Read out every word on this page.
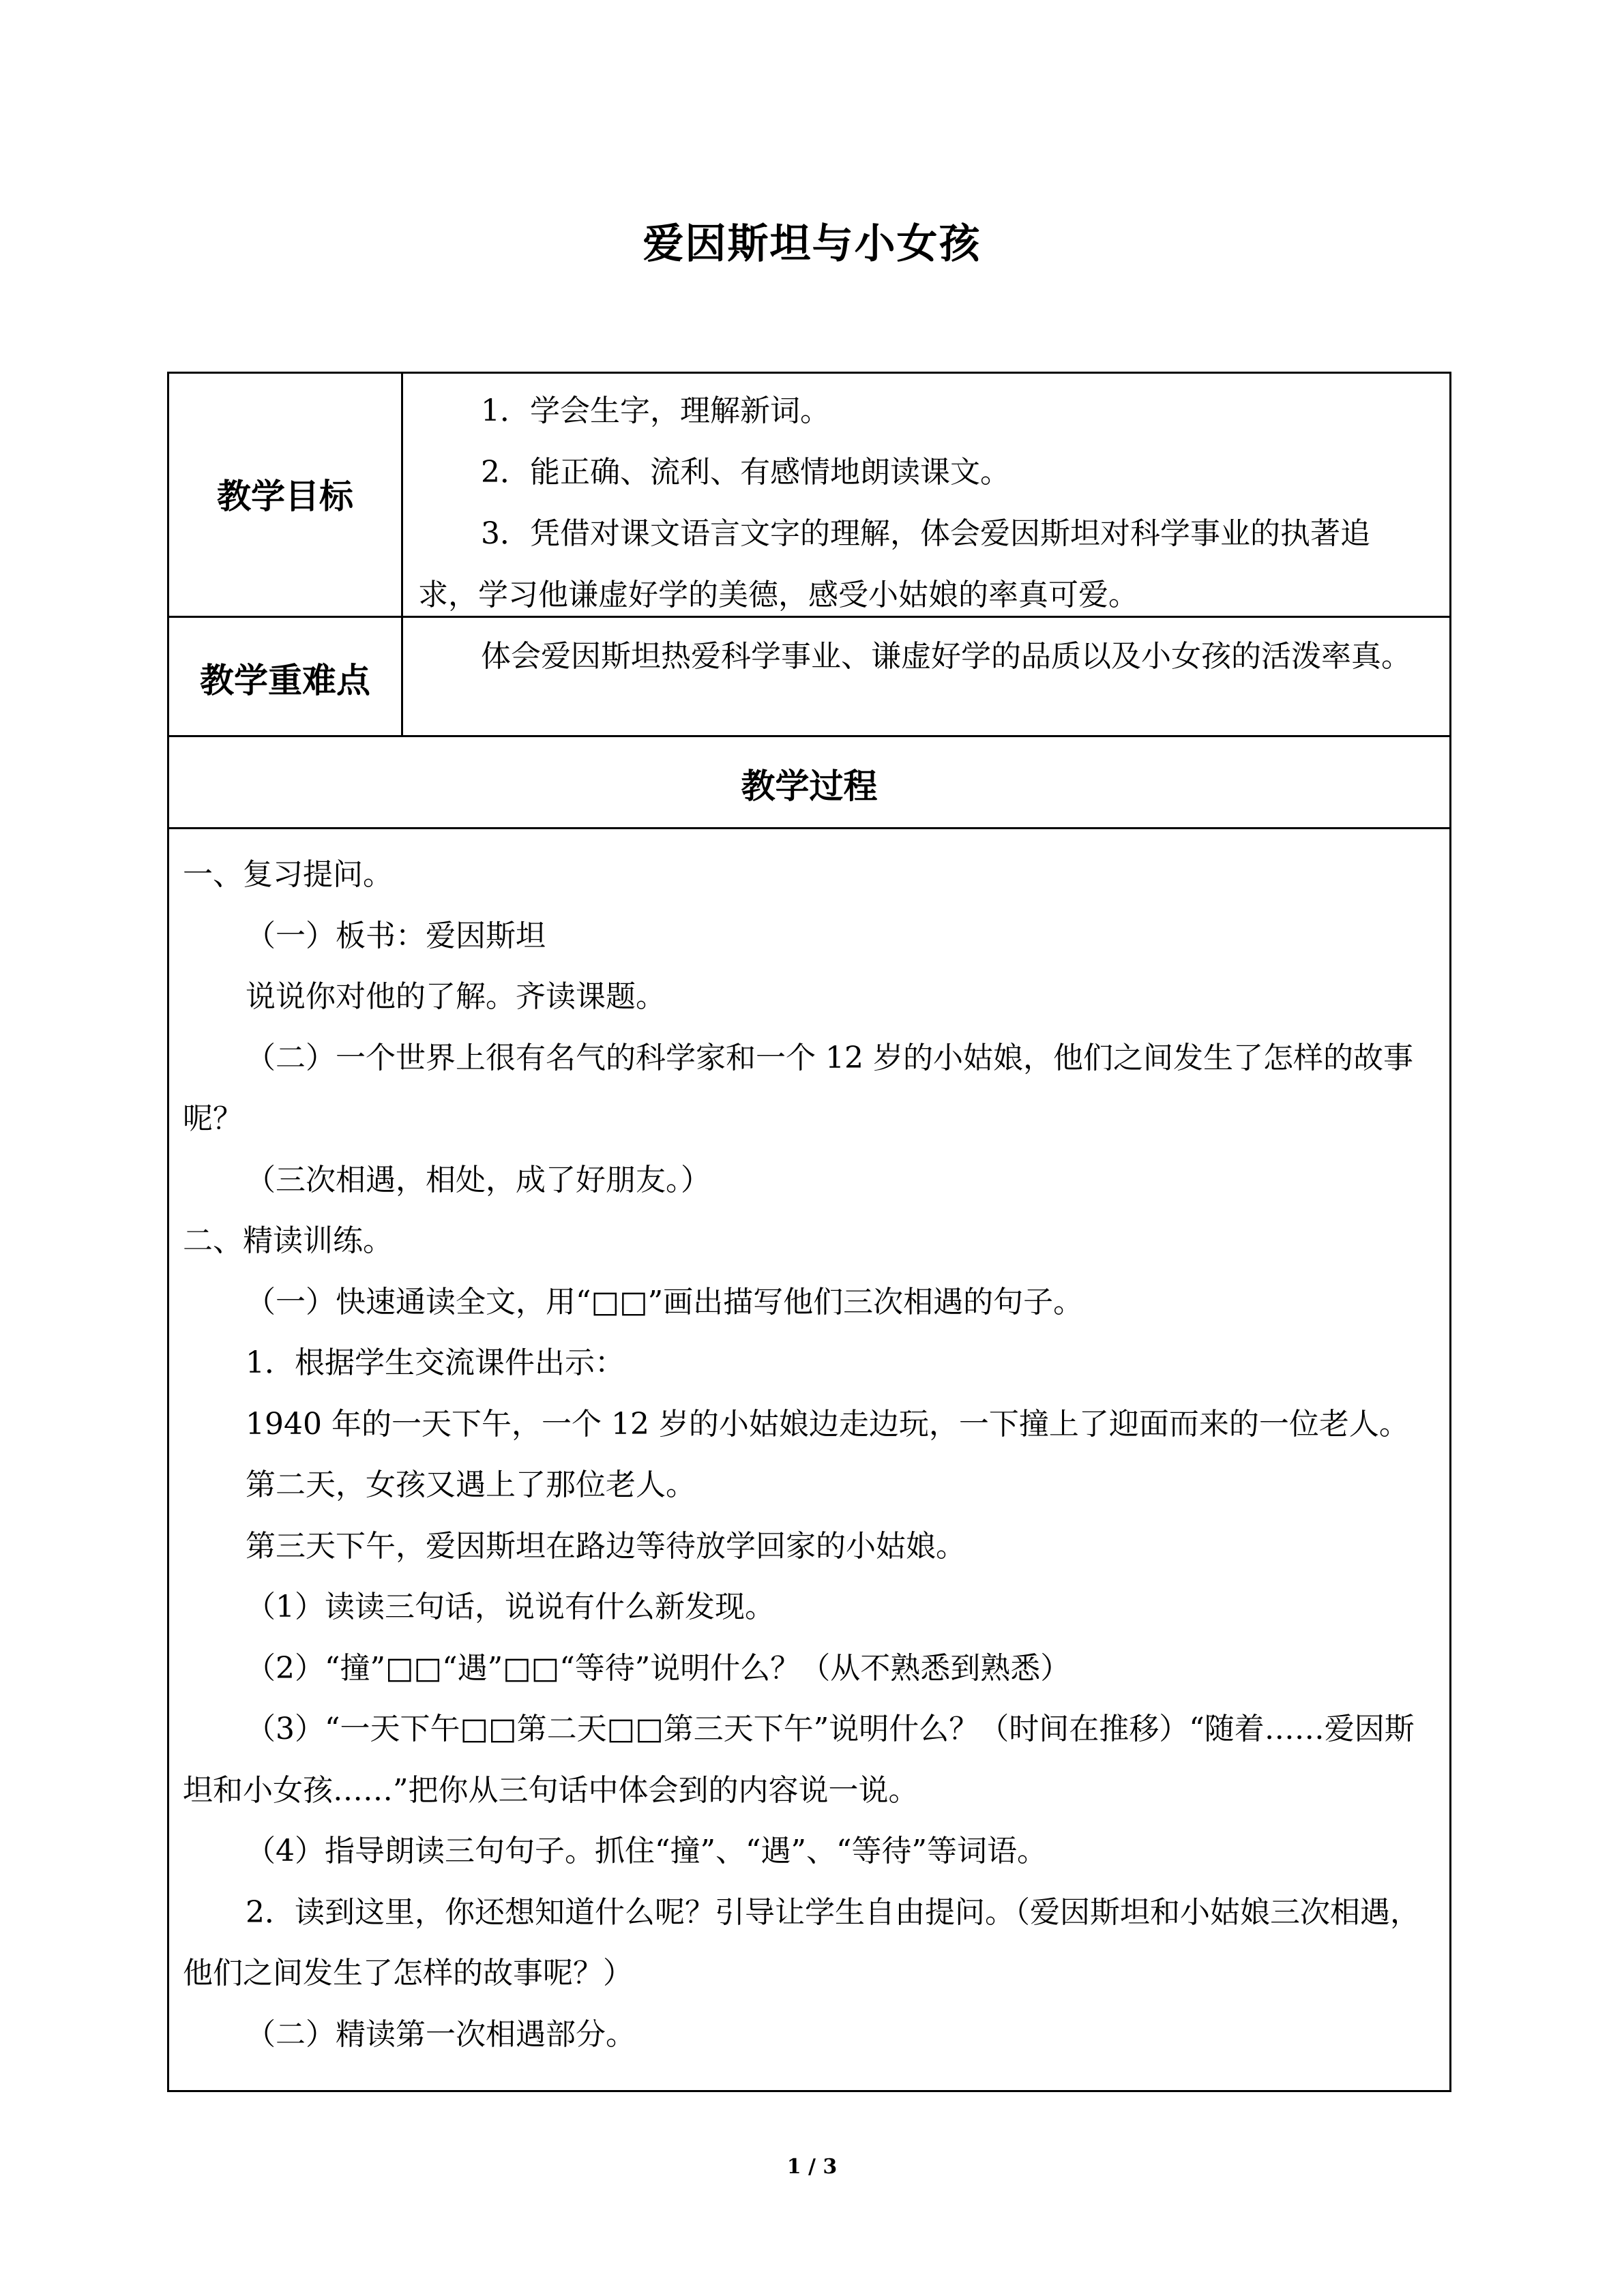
爱因斯坦与小女孩
教学目标

1．学会生字，理解新词。

2．能正确、流利、有感情地朗读课文。

3．凭借对课文语言文字的理解，体会爱因斯坦对科学事业的执著追求，学习他谦虚好学的美德，感受小姑娘的率真可爱。

教学重难点

体会爱因斯坦热爱科学事业、谦虚好学的品质以及小女孩的活泼率真。

教学过程

一、复习提问。

（一）板书：爱因斯坦

说说你对他的了解。齐读课题。

（二）一个世界上很有名气的科学家和一个 12 岁的小姑娘，他们之间发生了怎样的故事呢？

（三次相遇，相处，成了好朋友。）

二、精读训练。

（一）快速通读全文，用“□□”画出描写他们三次相遇的句子。

1．根据学生交流课件出示：

1940 年的一天下午，一个 12 岁的小姑娘边走边玩，一下撞上了迎面而来的一位老人。

第二天，女孩又遇上了那位老人。

第三天下午，爱因斯坦在路边等待放学回家的小姑娘。

（1）读读三句话，说说有什么新发现。

（2）“撞”□□“遇”□□“等待”说明什么？（从不熟悉到熟悉）

（3）“一天下午□□第二天□□第三天下午”说明什么？（时间在推移）“随着……爱因斯坦和小女孩……”把你从三句话中体会到的内容说一说。

（4）指导朗读三句句子。抓住“撞”、“遇”、“等待”等词语。

2．读到这里，你还想知道什么呢？引导让学生自由提问。（爱因斯坦和小姑娘三次相遇，他们之间发生了怎样的故事呢？）

（二）精读第一次相遇部分。

1 / 3
